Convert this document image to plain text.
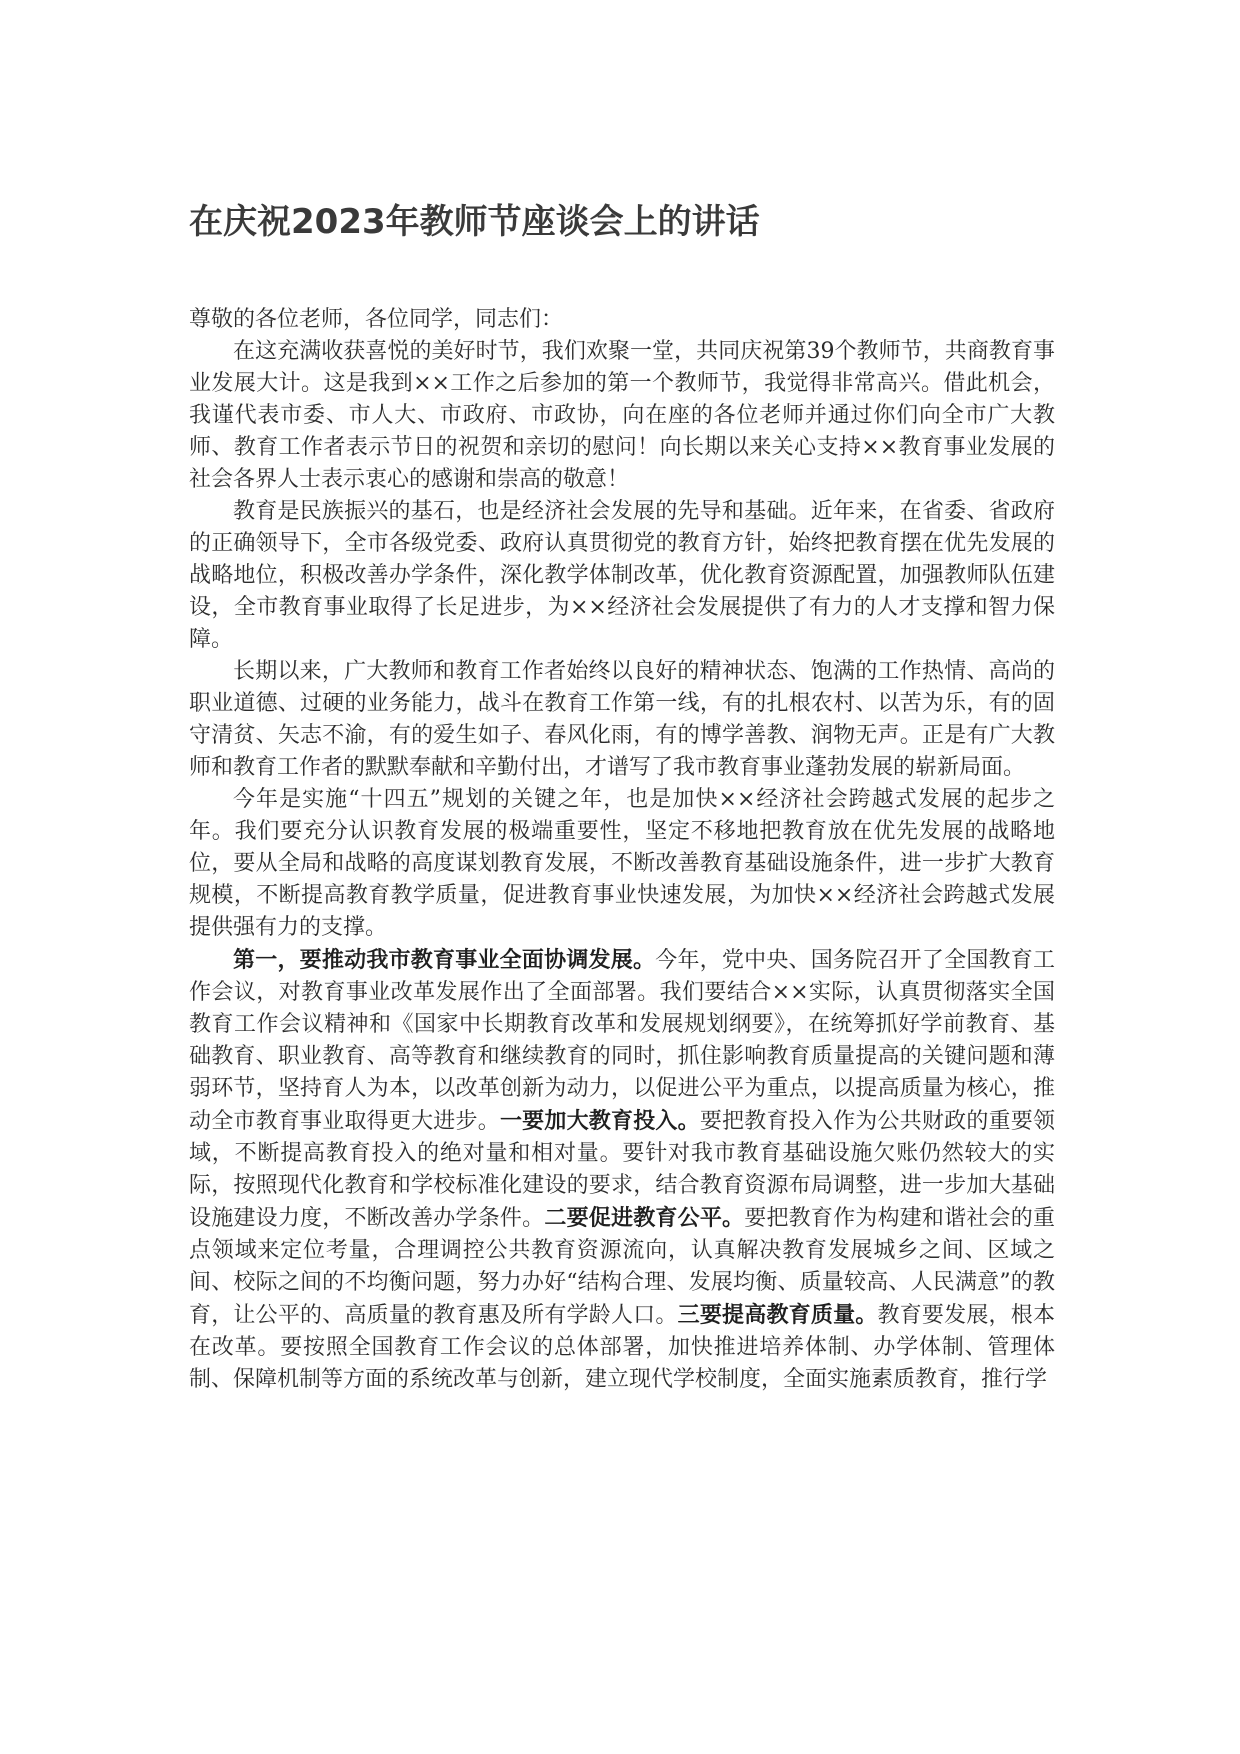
在庆祝2023年教师节座谈会上的讲话

尊敬的各位老师，各位同学，同志们：

在这充满收获喜悦的美好时节，我们欢聚一堂，共同庆祝第39个教师节，共商教育事业发展大计。这是我到××工作之后参加的第一个教师节，我觉得非常高兴。借此机会，我谨代表市委、市人大、市政府、市政协，向在座的各位老师并通过你们向全市广大教师、教育工作者表示节日的祝贺和亲切的慰问！向长期以来关心支持××教育事业发展的社会各界人士表示衷心的感谢和崇高的敬意！

教育是民族振兴的基石，也是经济社会发展的先导和基础。近年来，在省委、省政府的正确领导下，全市各级党委、政府认真贯彻党的教育方针，始终把教育摆在优先发展的战略地位，积极改善办学条件，深化教学体制改革，优化教育资源配置，加强教师队伍建设，全市教育事业取得了长足进步，为××经济社会发展提供了有力的人才支撑和智力保障。

长期以来，广大教师和教育工作者始终以良好的精神状态、饱满的工作热情、高尚的职业道德、过硬的业务能力，战斗在教育工作第一线，有的扎根农村、以苦为乐，有的固守清贫、矢志不渝，有的爱生如子、春风化雨，有的博学善教、润物无声。正是有广大教师和教育工作者的默默奉献和辛勤付出，才谱写了我市教育事业蓬勃发展的崭新局面。

今年是实施“十四五”规划的关键之年，也是加快××经济社会跨越式发展的起步之年。我们要充分认识教育发展的极端重要性，坚定不移地把教育放在优先发展的战略地位，要从全局和战略的高度谋划教育发展，不断改善教育基础设施条件，进一步扩大教育规模，不断提高教育教学质量，促进教育事业快速发展，为加快××经济社会跨越式发展提供强有力的支撑。

第一，要推动我市教育事业全面协调发展。今年，党中央、国务院召开了全国教育工作会议，对教育事业改革发展作出了全面部署。我们要结合××实际，认真贯彻落实全国教育工作会议精神和《国家中长期教育改革和发展规划纲要》，在统筹抓好学前教育、基础教育、职业教育、高等教育和继续教育的同时，抓住影响教育质量提高的关键问题和薄弱环节，坚持育人为本，以改革创新为动力，以促进公平为重点，以提高质量为核心，推动全市教育事业取得更大进步。一要加大教育投入。要把教育投入作为公共财政的重要领域，不断提高教育投入的绝对量和相对量。要针对我市教育基础设施欠账仍然较大的实际，按照现代化教育和学校标准化建设的要求，结合教育资源布局调整，进一步加大基础设施建设力度，不断改善办学条件。二要促进教育公平。要把教育作为构建和谐社会的重点领域来定位考量，合理调控公共教育资源流向，认真解决教育发展城乡之间、区域之间、校际之间的不均衡问题，努力办好“结构合理、发展均衡、质量较高、人民满意”的教育，让公平的、高质量的教育惠及所有学龄人口。三要提高教育质量。教育要发展，根本在改革。要按照全国教育工作会议的总体部署，加快推进培养体制、办学体制、管理体制、保障机制等方面的系统改革与创新，建立现代学校制度，全面实施素质教育，推行学
